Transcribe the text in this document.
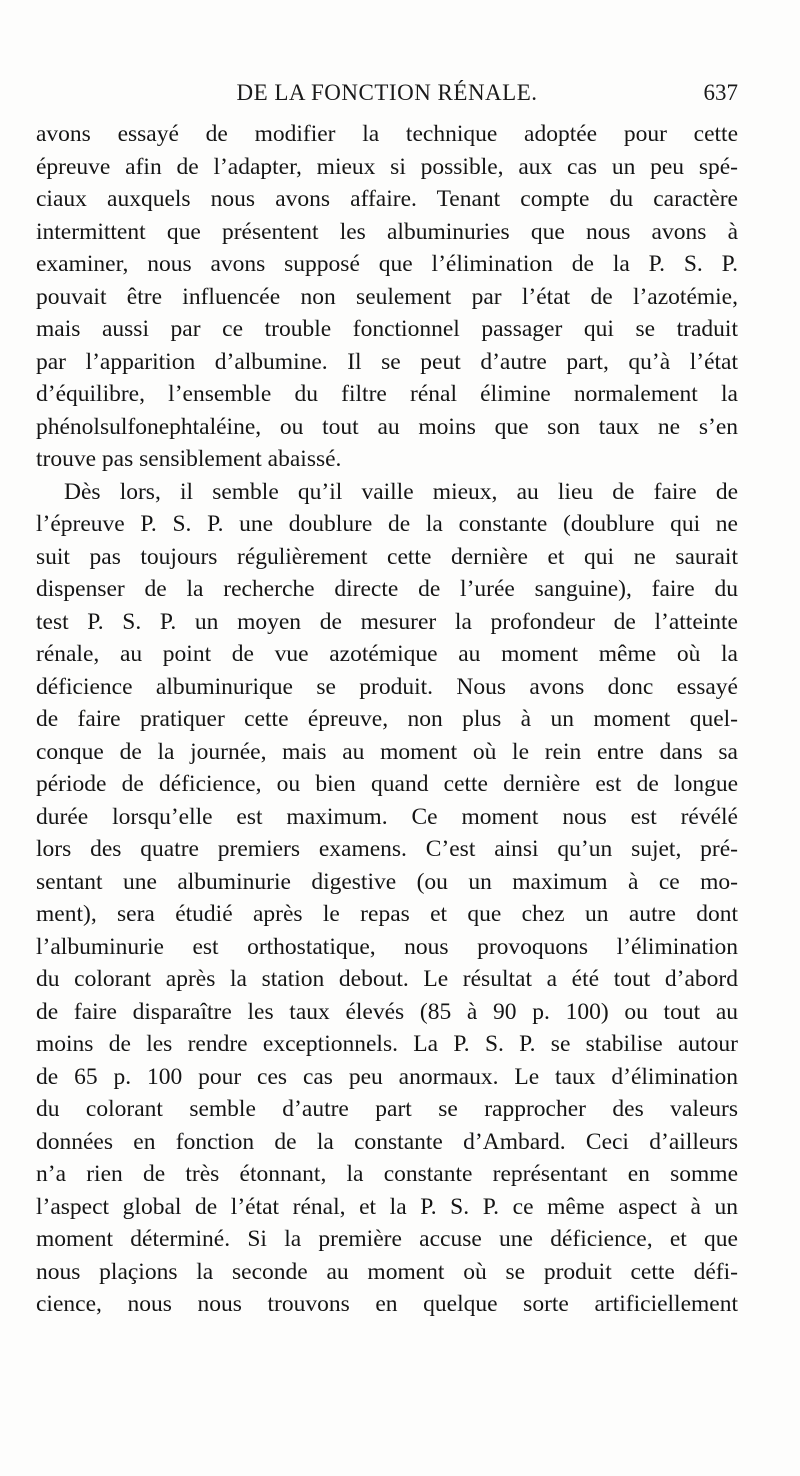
DE LA FONCTION RÉNALE.	637
avons essayé de modifier la technique adoptée pour cette
épreuve afin de l’adapter, mieux si possible, aux cas un peu spé-
ciaux auxquels nous avons affaire. Tenant compte du caractère
intermittent que présentent les albuminuries que nous avons à
examiner, nous avons supposé que l’élimination de la P. S. P.
pouvait être influencée non seulement par l’état de l’azotémie,
mais aussi par ce trouble fonctionnel passager qui se traduit
par l’apparition d’albumine. Il se peut d’autre part, qu’à l’état
d’équilibre, l’ensemble du filtre rénal élimine normalement la
phénolsulfonephtaléine, ou tout au moins que son taux ne s’en
trouve pas sensiblement abaissé.
Dès lors, il semble qu’il vaille mieux, au lieu de faire de
l’épreuve P. S. P. une doublure de la constante (doublure qui ne
suit pas toujours régulièrement cette dernière et qui ne saurait
dispenser de la recherche directe de l’urée sanguine), faire du
test P. S. P. un moyen de mesurer la profondeur de l’atteinte
rénale, au point de vue azotémique au moment même où la
déficience albuminurique se produit. Nous avons donc essayé
de faire pratiquer cette épreuve, non plus à un moment quel-
conque de la journée, mais au moment où le rein entre dans sa
période de déficience, ou bien quand cette dernière est de longue
durée lorsqu’elle est maximum. Ce moment nous est révélé
lors des quatre premiers examens. C’est ainsi qu’un sujet, pré-
sentant une albuminurie digestive (ou un maximum à ce mo-
ment), sera étudié après le repas et que chez un autre dont
l’albuminurie est orthostatique, nous provoquons l’élimination
du colorant après la station debout. Le résultat a été tout d’abord
de faire disparaître les taux élevés (85 à 90 p. 100) ou tout au
moins de les rendre exceptionnels. La P. S. P. se stabilise autour
de 65 p. 100 pour ces cas peu anormaux. Le taux d’élimination
du colorant semble d’autre part se rapprocher des valeurs
données en fonction de la constante d’Ambard. Ceci d’ailleurs
n’a rien de très étonnant, la constante représentant en somme
l’aspect global de l’état rénal, et la P. S. P. ce même aspect à un
moment déterminé. Si la première accuse une déficience, et que
nous plaçions la seconde au moment où se produit cette défi-
cience, nous nous trouvons en quelque sorte artificiellement
